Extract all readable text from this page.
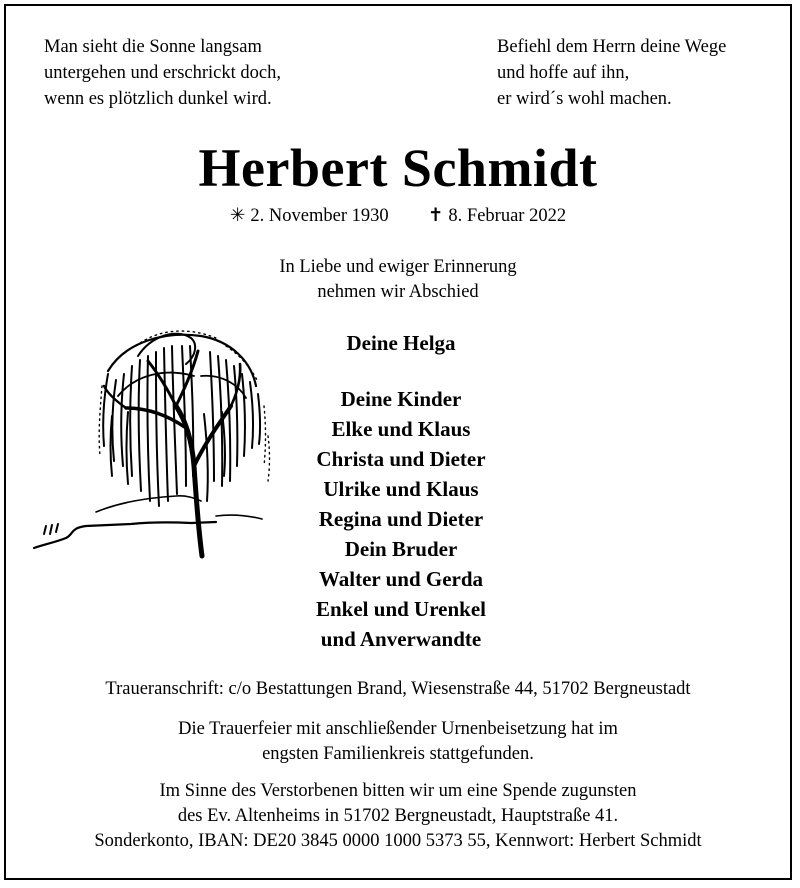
Man sieht die Sonne langsam
untergehen und erschrickt doch,
wenn es plötzlich dunkel wird.
Befiehl dem Herrn deine Wege
und hoffe auf ihn,
er wird´s wohl machen.
Herbert Schmidt
✳ 2. November 1930 ✝ 8. Februar 2022
In Liebe und ewiger Erinnerung
nehmen wir Abschied
Deine Helga
Deine Kinder
Elke und Klaus
Christa und Dieter
Ulrike und Klaus
Regina und Dieter
Dein Bruder
Walter und Gerda
Enkel und Urenkel
und Anverwandte
Traueranschrift: c/o Bestattungen Brand, Wiesenstraße 44, 51702 Bergneustadt
Die Trauerfeier mit anschließender Urnenbeisetzung hat im
engsten Familienkreis stattgefunden.
Im Sinne des Verstorbenen bitten wir um eine Spende zugunsten
des Ev. Altenheims in 51702 Bergneustadt, Hauptstraße 41.
Sonderkonto, IBAN: DE20 3845 0000 1000 5373 55, Kennwort: Herbert Schmidt
